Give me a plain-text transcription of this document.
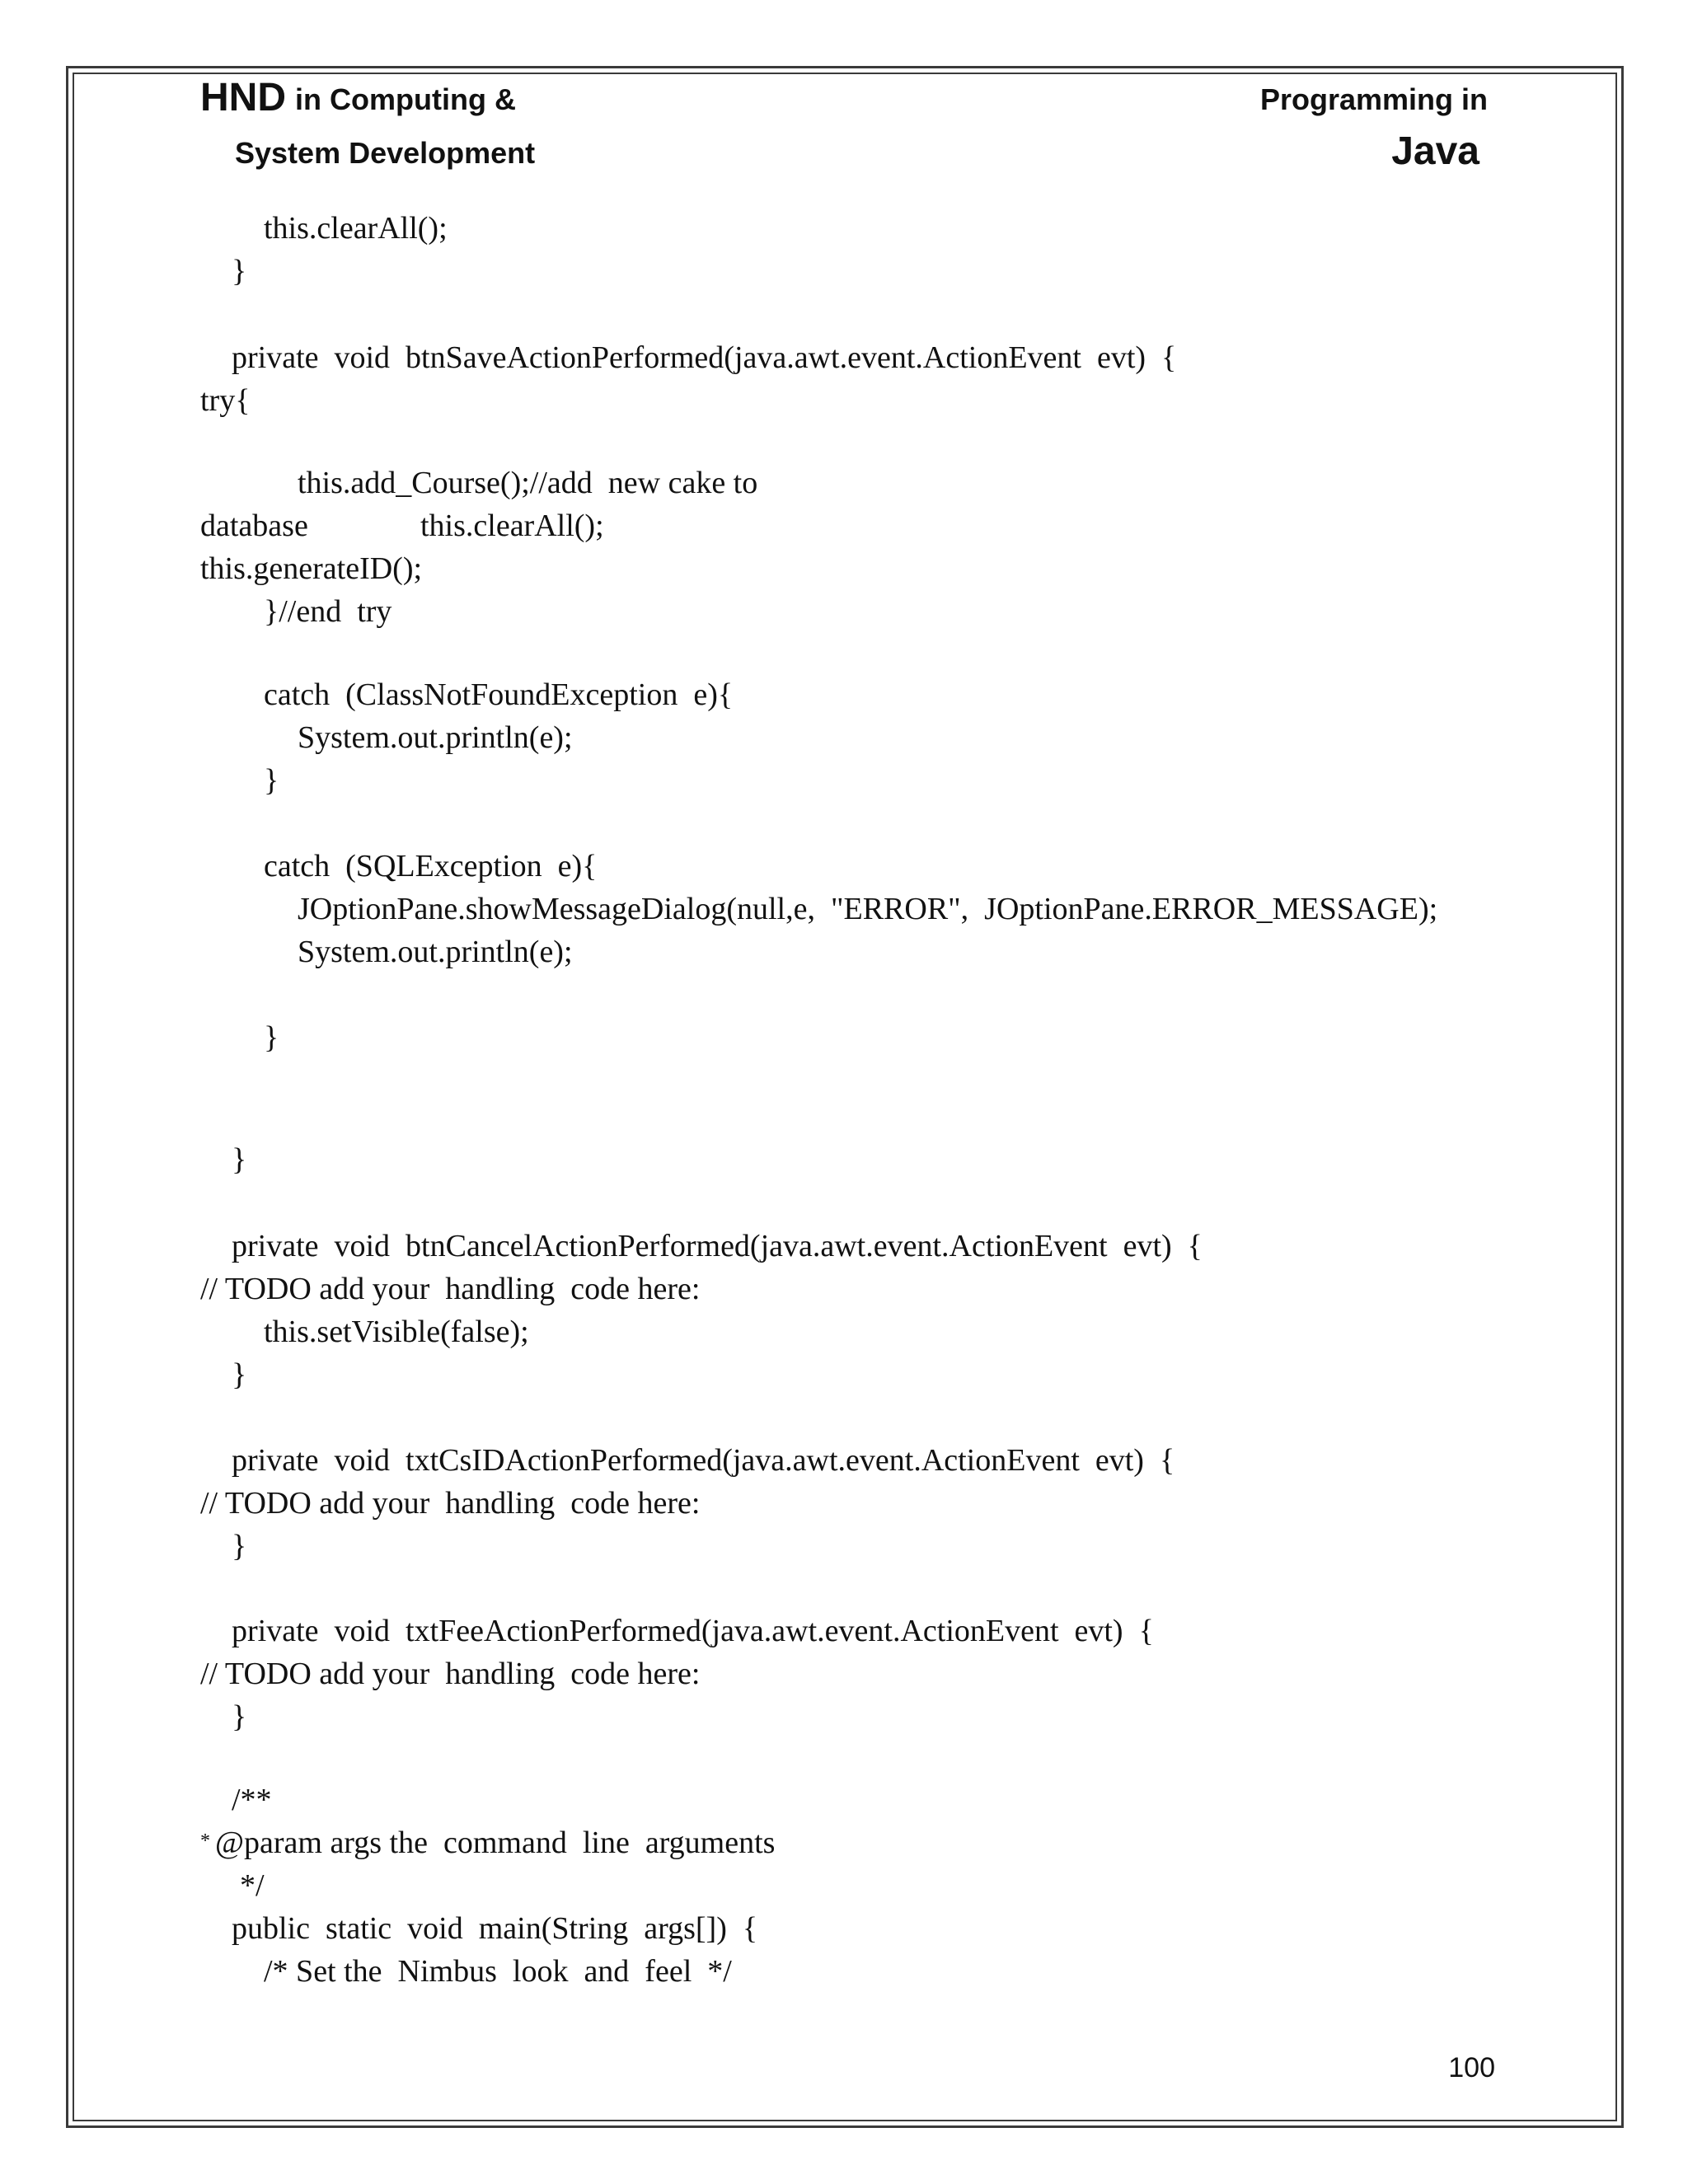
HND in Computing &
System Development
Programming in
Java
this.clearAll();
}
private  void  btnSaveActionPerformed(java.awt.event.ActionEvent  evt)  {
try{
this.add_Course();//add  new cake to
database	this.clearAll();
this.generateID();
}//end  try
catch  (ClassNotFoundException  e){
System.out.println(e);
}
catch  (SQLException  e){
JOptionPane.showMessageDialog(null,e,  "ERROR",  JOptionPane.ERROR_MESSAGE);
System.out.println(e);
}
}
private  void  btnCancelActionPerformed(java.awt.event.ActionEvent  evt)  {
// TODO add your  handling  code here:
this.setVisible(false);
}
private  void  txtCsIDActionPerformed(java.awt.event.ActionEvent  evt)  {
// TODO add your  handling  code here:
}
private  void  txtFeeActionPerformed(java.awt.event.ActionEvent  evt)  {
// TODO add your  handling  code here:
}
/**
* @param args the  command  line  arguments
*/
public  static  void  main(String  args[])  {
/* Set the  Nimbus  look  and  feel  */
100
